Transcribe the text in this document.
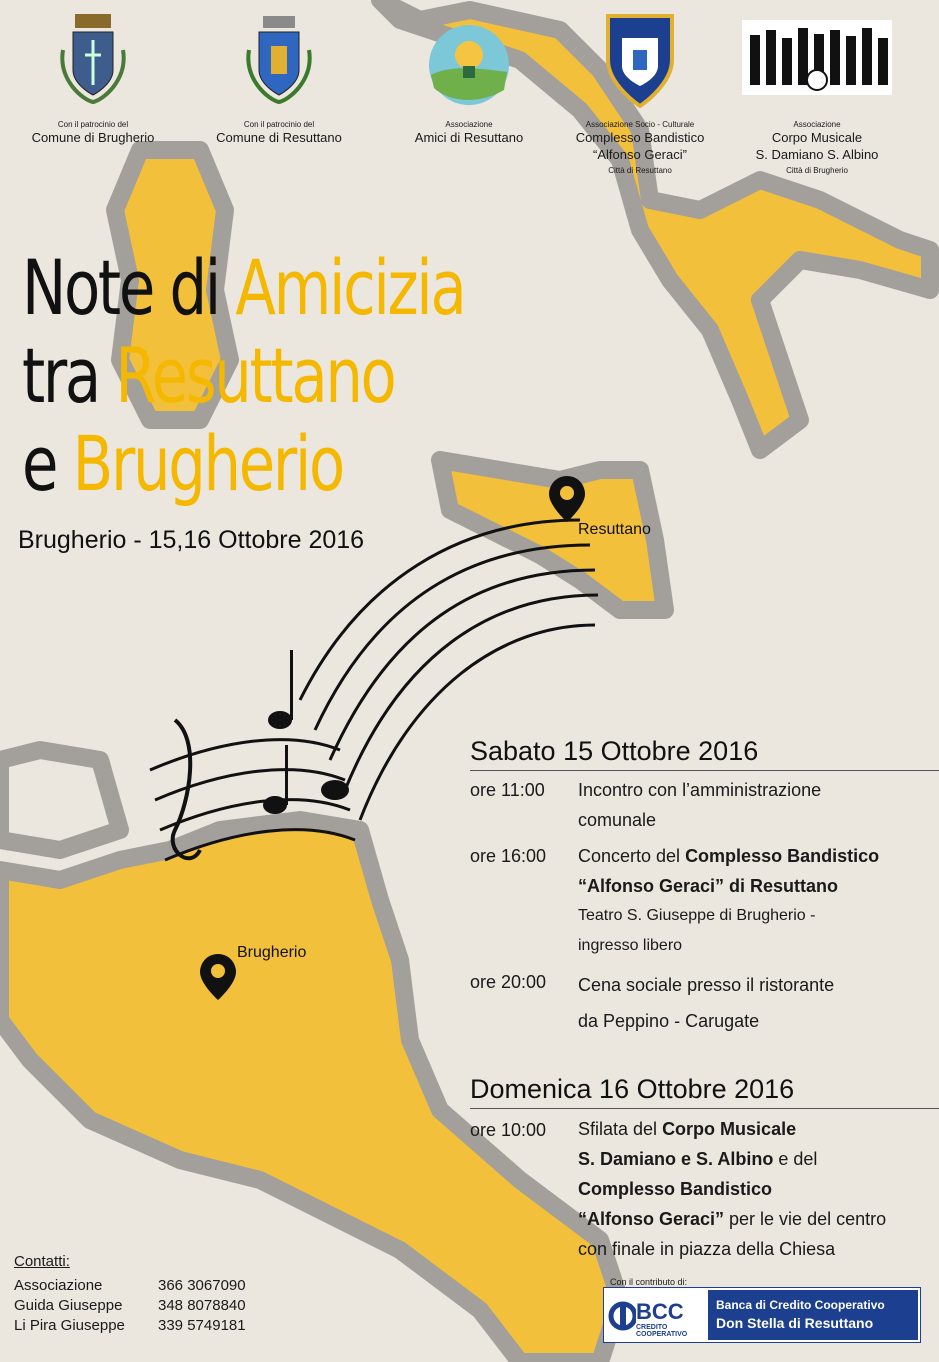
Con il patrocinio del
Comune di Brugherio
Con il patrocinio del
Comune di Resuttano
Associazione
Amici di Resuttano
Associazione Socio - Culturale
Complesso Bandistico
“Alfonso Geraci”
Città di Resuttano
Associazione
Corpo Musicale
S. Damiano S. Albino
Città di Brugherio
Note di Amicizia
tra Resuttano
e Brugherio
Brugherio - 15,16 Ottobre 2016	Resuttano
Brugherio
Sabato 15 Ottobre 2016
ore 11:00 Incontro con l’amministrazione
comunale
ore 16:00 Concerto del Complesso Bandistico
“Alfonso Geraci” di Resuttano
Teatro S. Giuseppe di Brugherio -
ingresso libero
ore 20:00 Cena sociale presso il ristorante
da Peppino - Carugate
Domenica 16 Ottobre 2016
ore 10:00 Sfilata del Corpo Musicale
S. Damiano e S. Albino e del
Complesso Bandistico
“Alfonso Geraci” per le vie del centro
con finale in piazza della Chiesa
Contatti:
Associazione	366 3067090
Guida Giuseppe	348 8078840
Li Pira Giuseppe	339 5749181
Con il contributo di:
BCC
CREDITO COOPERATIVO
Banca di Credito Cooperativo
Don Stella di Resuttano
